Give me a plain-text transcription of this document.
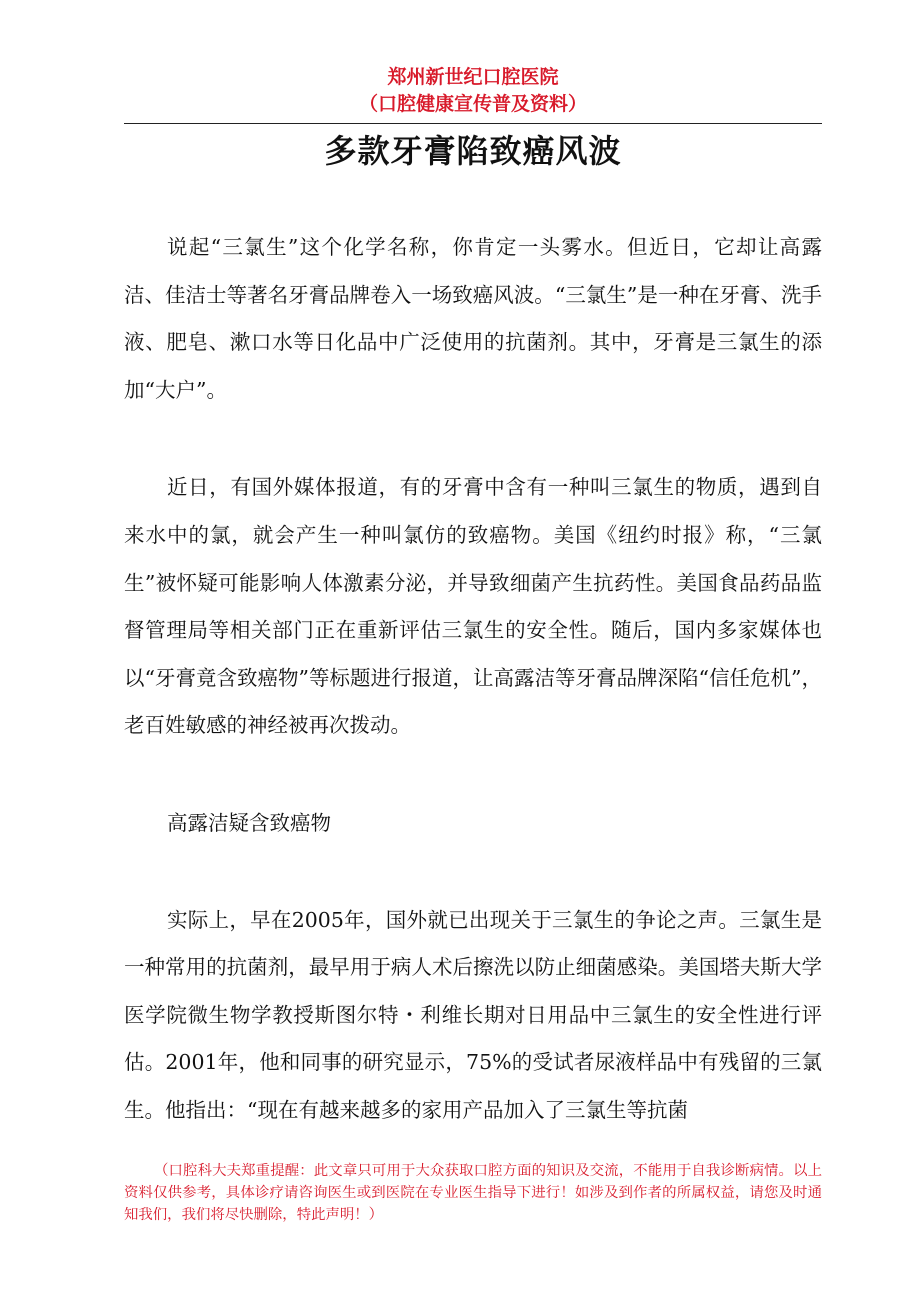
郑州新世纪口腔医院
（口腔健康宣传普及资料）
多款牙膏陷致癌风波

说起“三氯生”这个化学名称，你肯定一头雾水。但近日，它却让高露洁、佳洁士等著名牙膏品牌卷入一场致癌风波。“三氯生”是一种在牙膏、洗手液、肥皂、漱口水等日化品中广泛使用的抗菌剂。其中，牙膏是三氯生的添加“大户”。

近日，有国外媒体报道，有的牙膏中含有一种叫三氯生的物质，遇到自来水中的氯，就会产生一种叫氯仿的致癌物。美国《纽约时报》称，“三氯生”被怀疑可能影响人体激素分泌，并导致细菌产生抗药性。美国食品药品监督管理局等相关部门正在重新评估三氯生的安全性。随后，国内多家媒体也以“牙膏竟含致癌物”等标题进行报道，让高露洁等牙膏品牌深陷“信任危机”，老百姓敏感的神经被再次拨动。

高露洁疑含致癌物

实际上，早在2005年，国外就已出现关于三氯生的争论之声。三氯生是一种常用的抗菌剂，最早用于病人术后擦洗以防止细菌感染。美国塔夫斯大学医学院微生物学教授斯图尔特・利维长期对日用品中三氯生的安全性进行评估。2001年，他和同事的研究显示，75%的受试者尿液样品中有残留的三氯生。他指出：“现在有越来越多的家用产品加入了三氯生等抗菌

（口腔科大夫郑重提醒：此文章只可用于大众获取口腔方面的知识及交流，不能用于自我诊断病情。以上资料仅供参考，具体诊疗请咨询医生或到医院在专业医生指导下进行！如涉及到作者的所属权益，请您及时通知我们，我们将尽快删除，特此声明！）
